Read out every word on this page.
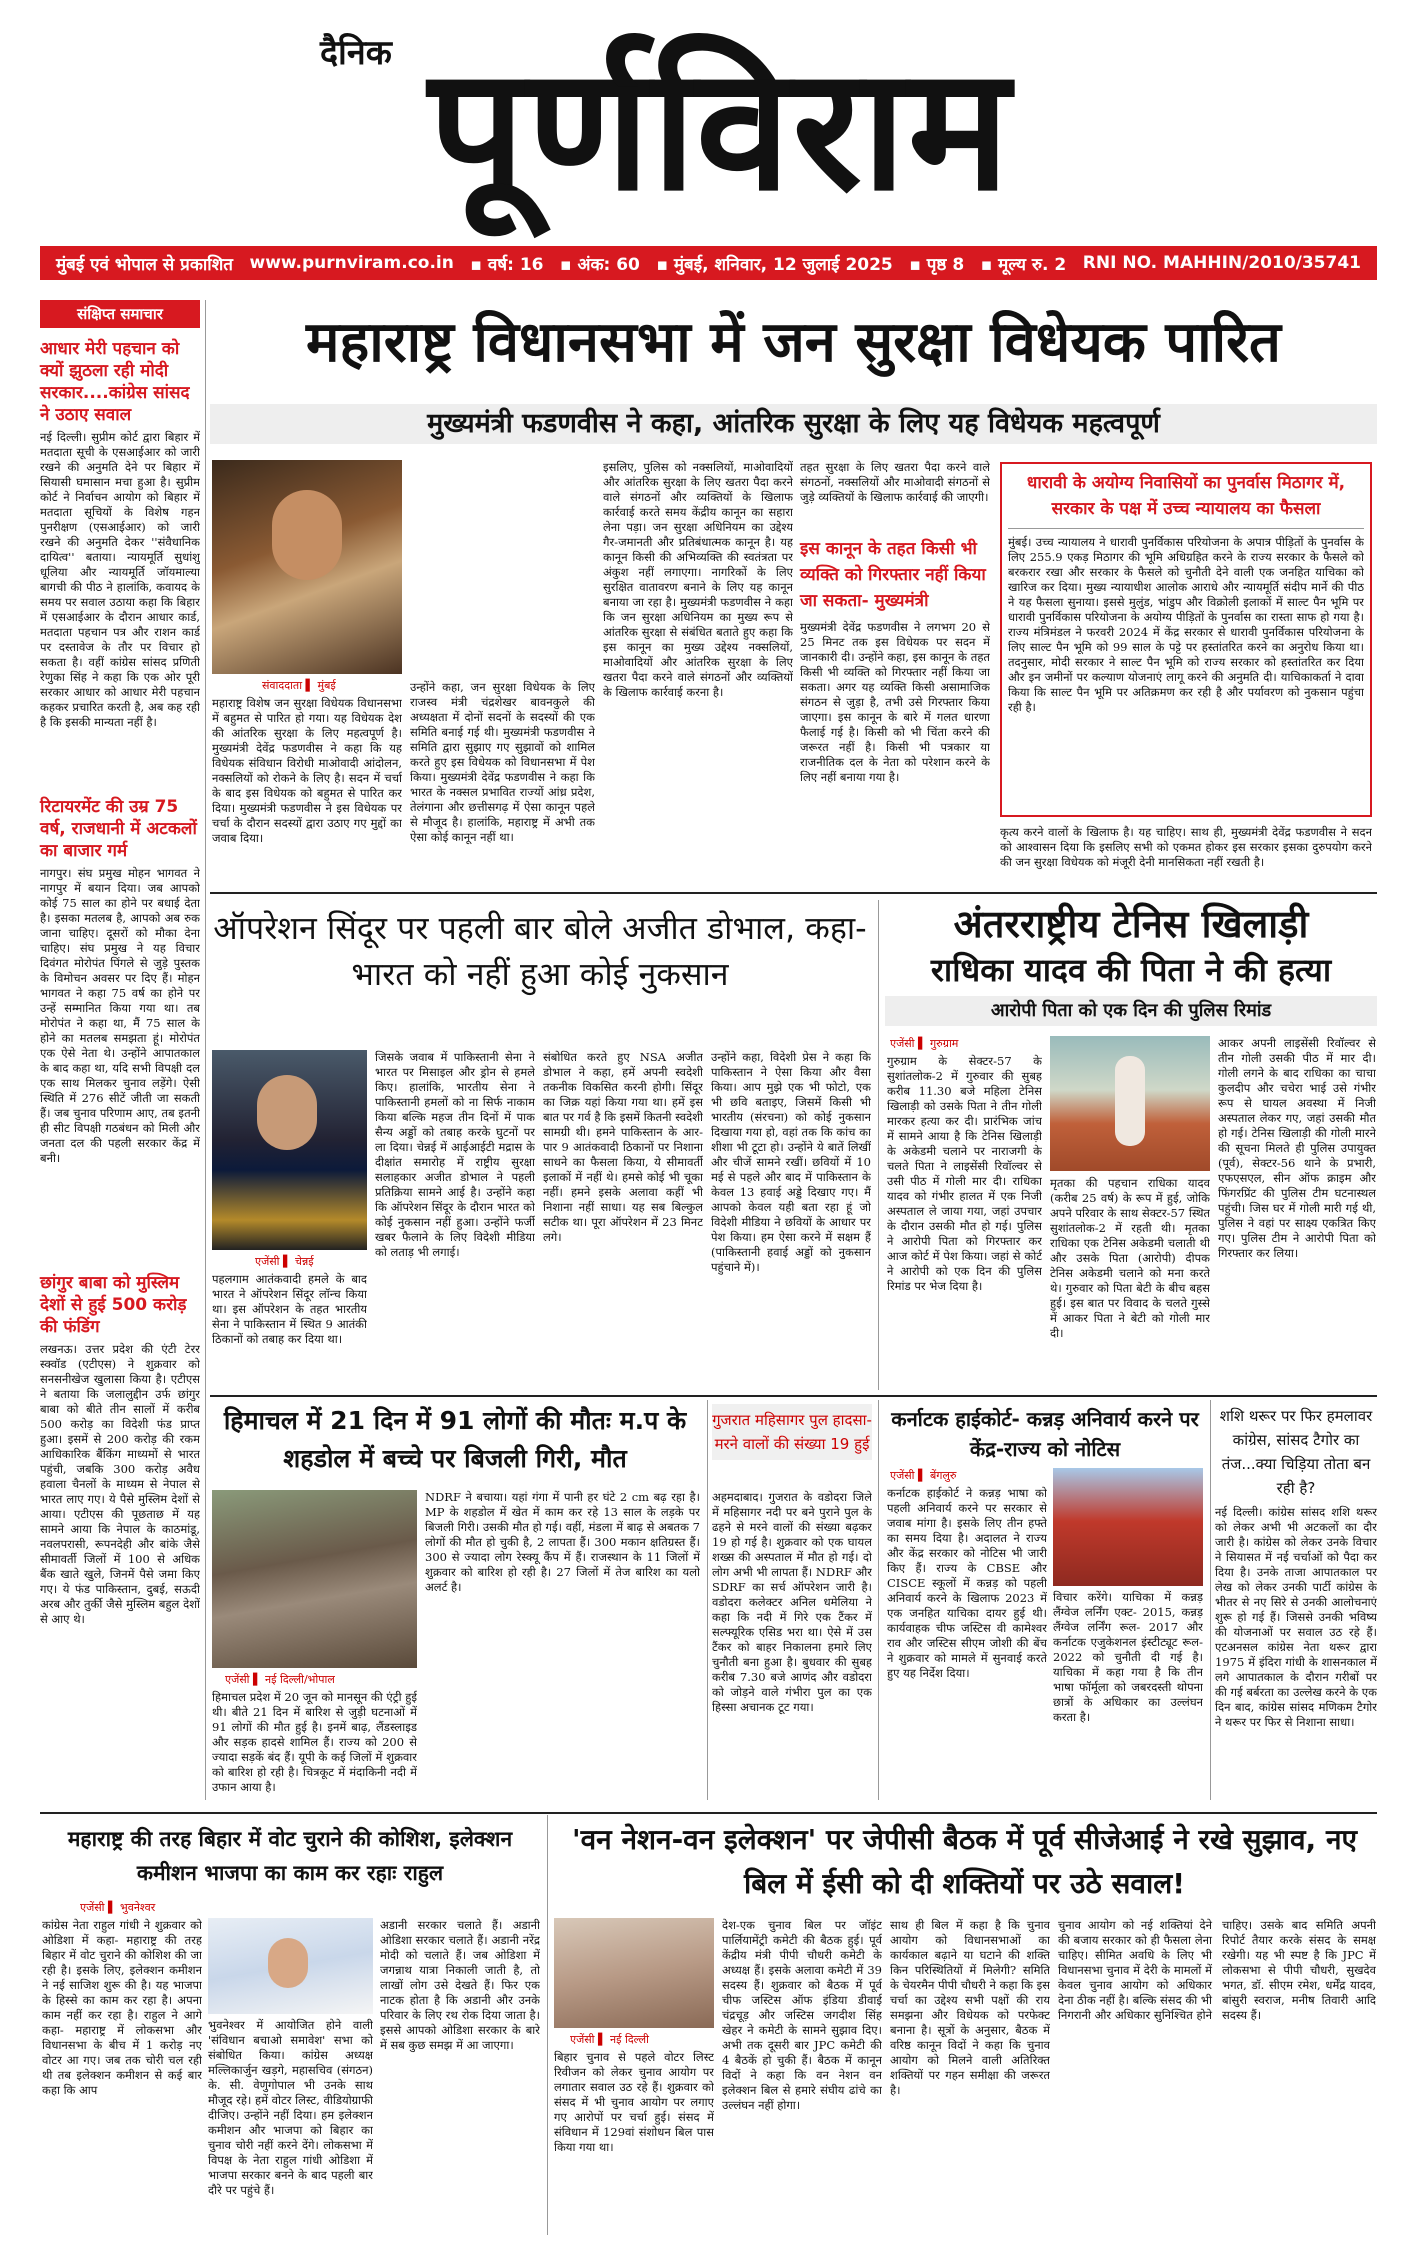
दैनिक पूर्णविराम
मुंबई एवं भोपाल से प्रकाशित www.purnviram.co.in ▪ वर्ष: 16 ▪ अंक: 60 ▪ मुंबई, शनिवार, 12 जुलाई 2025 ▪ पृष्ठ 8 ▪ मूल्य रु. 2 RNI NO. MAHHIN/2010/35741
संक्षिप्त समाचार
आधार मेरी पहचान को क्यों झुठला रही मोदी सरकार....कांग्रेस सांसद ने उठाए सवाल
नई दिल्ली। सुप्रीम कोर्ट द्वारा बिहार में मतदाता सूची के एसआईआर को जारी रखने की अनुमति देने पर बिहार में सियासी घमासान मचा हुआ है। सुप्रीम कोर्ट ने निर्वाचन आयोग को बिहार में मतदाता सूचियों के विशेष गहन पुनरीक्षण (एसआईआर) को जारी रखने की अनुमति देकर ''संवैधानिक दायित्व'' बताया। न्यायमूर्ति सुधांशु धूलिया और न्यायमूर्ति जॉयमाल्या बागची की पीठ ने हालांकि, कवायद के समय पर सवाल उठाया कहा कि बिहार में एसआईआर के दौरान आधार कार्ड, मतदाता पहचान पत्र और राशन कार्ड पर दस्तावेज के तौर पर विचार हो सकता है। वहीं कांग्रेस सांसद प्रणिती रेणुका सिंह ने कहा कि एक ओर पूरी सरकार आधार को आधार मेरी पहचान कहकर प्रचारित करती है, अब कह रही है कि इसकी मान्यता नहीं है।
रिटायरमेंट की उम्र 75 वर्ष, राजधानी में अटकलों का बाजार गर्म
नागपुर। संघ प्रमुख मोहन भागवत ने नागपुर में बयान दिया। जब आपको कोई 75 साल का होने पर बधाई देता है। इसका मतलब है, आपको अब रुक जाना चाहिए। दूसरों को मौका देना चाहिए। संघ प्रमुख ने यह विचार दिवंगत मोरोपंत पिंगले से जुड़े पुस्तक के विमोचन अवसर पर दिए हैं। मोहन भागवत ने कहा 75 वर्ष का होने पर उन्हें सम्मानित किया गया था। तब मोरोपंत ने कहा था, मैं 75 साल के होने का मतलब समझता हूं। मोरोपंत एक ऐसे नेता थे। उन्होंने आपातकाल के बाद कहा था, यदि सभी विपक्षी दल एक साथ मिलकर चुनाव लड़ेंगे। ऐसी स्थिति में 276 सीटें जीती जा सकती हैं। जब चुनाव परिणाम आए, तब इतनी ही सीट विपक्षी गठबंधन को मिली और जनता दल की पहली सरकार केंद्र में बनी।
छांगुर बाबा को मुस्लिम देशों से हुई 500 करोड़ की फंडिंग
लखनऊ। उत्तर प्रदेश की एंटी टेरर स्क्वॉड (एटीएस) ने शुक्रवार को सनसनीखेज खुलासा किया है। एटीएस ने बताया कि जलालुद्दीन उर्फ छांगुर बाबा को बीते तीन सालों में करीब 500 करोड़ का विदेशी फंड प्राप्त हुआ। इसमें से 200 करोड़ की रकम आधिकारिक बैंकिंग माध्यमों से भारत पहुंची, जबकि 300 करोड़ अवैध हवाला चैनलों के माध्यम से नेपाल से भारत लाए गए। ये पैसे मुस्लिम देशों से आया। एटीएस की पूछताछ में यह सामने आया कि नेपाल के काठमांडू, नवलपरासी, रूपनदेही और बांके जैसे सीमावर्ती जिलों में 100 से अधिक बैंक खाते खुले, जिनमें पैसे जमा किए गए। ये फंड पाकिस्तान, दुबई, सऊदी अरब और तुर्की जैसे मुस्लिम बहुल देशों से आए थे।
महाराष्ट्र विधानसभा में जन सुरक्षा विधेयक पारित
मुख्यमंत्री फडणवीस ने कहा, आंतरिक सुरक्षा के लिए यह विधेयक महत्वपूर्ण
संवाददाता ▌ मुंबई
महाराष्ट्र विशेष जन सुरक्षा विधेयक विधानसभा में बहुमत से पारित हो गया। यह विधेयक देश की आंतरिक सुरक्षा के लिए महत्वपूर्ण है। मुख्यमंत्री देवेंद्र फडणवीस ने कहा कि यह विधेयक संविधान विरोधी माओवादी आंदोलन, नक्सलियों को रोकने के लिए है। सदन में चर्चा के बाद इस विधेयक को बहुमत से पारित कर दिया। मुख्यमंत्री फडणवीस ने इस विधेयक पर चर्चा के दौरान सदस्यों द्वारा उठाए गए मुद्दों का जवाब दिया।
उन्होंने कहा, जन सुरक्षा विधेयक के लिए राजस्व मंत्री चंद्रशेखर बावनकुले की अध्यक्षता में दोनों सदनों के सदस्यों की एक समिति बनाई गई थी। मुख्यमंत्री फडणवीस ने समिति द्वारा सुझाए गए सुझावों को शामिल करते हुए इस विधेयक को विधानसभा में पेश किया। मुख्यमंत्री देवेंद्र फडणवीस ने कहा कि भारत के नक्सल प्रभावित राज्यों आंध्र प्रदेश, तेलंगाना और छत्तीसगढ़ में ऐसा कानून पहले से मौजूद है। हालांकि, महाराष्ट्र में अभी तक ऐसा कोई कानून नहीं था।
इसलिए, पुलिस को नक्सलियों, माओवादियों और आंतरिक सुरक्षा के लिए खतरा पैदा करने वाले संगठनों और व्यक्तियों के खिलाफ कार्रवाई करते समय केंद्रीय कानून का सहारा लेना पड़ा। जन सुरक्षा अधिनियम का उद्देश्य गैर-जमानती और प्रतिबंधात्मक कानून है। यह कानून किसी की अभिव्यक्ति की स्वतंत्रता पर अंकुश नहीं लगाएगा। नागरिकों के लिए सुरक्षित वातावरण बनाने के लिए यह कानून बनाया जा रहा है। मुख्यमंत्री फडणवीस ने कहा कि जन सुरक्षा अधिनियम का मुख्य रूप से आंतरिक सुरक्षा से संबंधित बताते हुए कहा कि इस कानून का मुख्य उद्देश्य नक्सलियों, माओवादियों और आंतरिक सुरक्षा के लिए खतरा पैदा करने वाले संगठनों और व्यक्तियों के खिलाफ कार्रवाई करना है।
तहत सुरक्षा के लिए खतरा पैदा करने वाले संगठनों, नक्सलियों और माओवादी संगठनों से जुड़े व्यक्तियों के खिलाफ कार्रवाई की जाएगी।
इस कानून के तहत किसी भी व्यक्ति को गिरफ्तार नहीं किया जा सकता- मुख्यमंत्री
मुख्यमंत्री देवेंद्र फडणवीस ने लगभग 20 से 25 मिनट तक इस विधेयक पर सदन में जानकारी दी। उन्होंने कहा, इस कानून के तहत किसी भी व्यक्ति को गिरफ्तार नहीं किया जा सकता। अगर यह व्यक्ति किसी असामाजिक संगठन से जुड़ा है, तभी उसे गिरफ्तार किया जाएगा। इस कानून के बारे में गलत धारणा फैलाई गई है। किसी को भी चिंता करने की जरूरत नहीं है। किसी भी पत्रकार या राजनीतिक दल के नेता को परेशान करने के लिए नहीं बनाया गया है।
धारावी के अयोग्य निवासियों का पुनर्वास मिठागर में, सरकार के पक्ष में उच्च न्यायालय का फैसला
मुंबई। उच्च न्यायालय ने धारावी पुनर्विकास परियोजना के अपात्र पीड़ितों के पुनर्वास के लिए 255.9 एकड़ मिठागर की भूमि अधिग्रहित करने के राज्य सरकार के फैसले को बरकरार रखा और सरकार के फैसले को चुनौती देने वाली एक जनहित याचिका को खारिज कर दिया। मुख्य न्यायाधीश आलोक आराधे और न्यायमूर्ति संदीप मार्ने की पीठ ने यह फैसला सुनाया। इससे मुलुंड, भांडुप और विक्रोली इलाकों में साल्ट पैन भूमि पर धारावी पुनर्विकास परियोजना के अयोग्य पीड़ितों के पुनर्वास का रास्ता साफ हो गया है। राज्य मंत्रिमंडल ने फरवरी 2024 में केंद्र सरकार से धारावी पुनर्विकास परियोजना के लिए साल्ट पैन भूमि को 99 साल के पट्टे पर हस्तांतरित करने का अनुरोध किया था। तदनुसार, मोदी सरकार ने साल्ट पैन भूमि को राज्य सरकार को हस्तांतरित कर दिया और इन जमीनों पर कल्याण योजनाएं लागू करने की अनुमति दी। याचिकाकर्ता ने दावा किया कि साल्ट पैन भूमि पर अतिक्रमण कर रही है और पर्यावरण को नुकसान पहुंचा रही है।
कृत्य करने वालों के खिलाफ है। यह चाहिए। साथ ही, मुख्यमंत्री देवेंद्र फडणवीस ने सदन को आश्वासन दिया कि इसलिए सभी को एकमत होकर इस सरकार इसका दुरुपयोग करने की जन सुरक्षा विधेयक को मंजूरी देनी मानसिकता नहीं रखती है।
ऑपरेशन सिंदूर पर पहली बार बोले अजीत डोभाल, कहा- भारत को नहीं हुआ कोई नुकसान
एजेंसी ▌ चेन्नई
पहलगाम आतंकवादी हमले के बाद भारत ने ऑपरेशन सिंदूर लॉन्च किया था। इस ऑपरेशन के तहत भारतीय सेना ने पाकिस्तान में स्थित 9 आतंकी ठिकानों को तबाह कर दिया था।
जिसके जवाब में पाकिस्तानी सेना ने भारत पर मिसाइल और ड्रोन से हमले किए। हालांकि, भारतीय सेना ने पाकिस्तानी हमलों को ना सिर्फ नाकाम किया बल्कि महज तीन दिनों में पाक सैन्य अड्डों को तबाह करके घुटनों पर ला दिया। चेन्नई में आईआईटी मद्रास के दीक्षांत समारोह में राष्ट्रीय सुरक्षा सलाहकार अजीत डोभाल ने पहली प्रतिक्रिया सामने आई है। उन्होंने कहा कि ऑपरेशन सिंदूर के दौरान भारत को कोई नुकसान नहीं हुआ। उन्होंने फर्जी खबर फैलाने के लिए विदेशी मीडिया को लताड़ भी लगाई।
संबोधित करते हुए NSA अजीत डोभाल ने कहा, हमें अपनी स्वदेशी तकनीक विकसित करनी होगी। सिंदूर का जिक्र यहां किया गया था। हमें इस बात पर गर्व है कि इसमें कितनी स्वदेशी सामग्री थी। हमने पाकिस्तान के आर-पार 9 आतंकवादी ठिकानों पर निशाना साधने का फैसला किया, ये सीमावर्ती इलाकों में नहीं थे। हमसे कोई भी चूका नहीं। हमने इसके अलावा कहीं भी निशाना नहीं साधा। यह सब बिल्कुल सटीक था। पूरा ऑपरेशन में 23 मिनट लगे।
उन्होंने कहा, विदेशी प्रेस ने कहा कि पाकिस्तान ने ऐसा किया और वैसा किया। आप मुझे एक भी फोटो, एक भी छवि बताइए, जिसमें किसी भी भारतीय (संरचना) को कोई नुकसान दिखाया गया हो, वहां तक कि कांच का शीशा भी टूटा हो। उन्होंने ये बातें लिखीं और चीजें सामने रखीं। छवियों में 10 मई से पहले और बाद में पाकिस्तान के केवल 13 हवाई अड्डे दिखाए गए। मैं आपको केवल यही बता रहा हूं जो विदेशी मीडिया ने छवियों के आधार पर पेश किया। हम ऐसा करने में सक्षम हैं (पाकिस्तानी हवाई अड्डों को नुकसान पहुंचाने में)।
अंतरराष्ट्रीय टेनिस खिलाड़ी
राधिका यादव की पिता ने की हत्या
आरोपी पिता को एक दिन की पुलिस रिमांड
एजेंसी ▌ गुरुग्राम
गुरुग्राम के सेक्टर-57 के सुशांतलोक-2 में गुरुवार की सुबह करीब 11.30 बजे महिला टेनिस खिलाड़ी को उसके पिता ने तीन गोली मारकर हत्या कर दी। प्रारंभिक जांच में सामने आया है कि टेनिस खिलाड़ी के अकेडमी चलाने पर नाराजगी के चलते पिता ने लाइसेंसी रिवॉल्वर से उसी पीठ में गोली मार दी। राधिका यादव को गंभीर हालत में एक निजी अस्पताल ले जाया गया, जहां उपचार के दौरान उसकी मौत हो गई। पुलिस ने आरोपी पिता को गिरफ्तार कर आज कोर्ट में पेश किया। जहां से कोर्ट ने आरोपी को एक दिन की पुलिस रिमांड पर भेज दिया है।
मृतका की पहचान राधिका यादव (करीब 25 वर्ष) के रूप में हुई, जोकि अपने परिवार के साथ सेक्टर-57 स्थित सुशांतलोक-2 में रहती थी। मृतका राधिका एक टेनिस अकेडमी चलाती थी और उसके पिता (आरोपी) दीपक टेनिस अकेडमी चलाने को मना करते थे। गुरुवार को पिता बेटी के बीच बहस हुई। इस बात पर विवाद के चलते गुस्से में आकर पिता ने बेटी को गोली मार दी।
आकर अपनी लाइसेंसी रिवॉल्वर से तीन गोली उसकी पीठ में मार दी। गोली लगने के बाद राधिका का चाचा कुलदीप और चचेरा भाई उसे गंभीर रूप से घायल अवस्था में निजी अस्पताल लेकर गए, जहां उसकी मौत हो गई। टेनिस खिलाड़ी की गोली मारने की सूचना मिलते ही पुलिस उपायुक्त (पूर्व), सेक्टर-56 थाने के प्रभारी, एफएसएल, सीन ऑफ क्राइम और फिंगरप्रिंट की पुलिस टीम घटनास्थल पहुंची। जिस घर में गोली मारी गई थी, पुलिस ने वहां पर साक्ष्य एकत्रित किए गए। पुलिस टीम ने आरोपी पिता को गिरफ्तार कर लिया।
हिमाचल में 21 दिन में 91 लोगों की मौतः म.प के शहडोल में बच्चे पर बिजली गिरी, मौत
एजेंसी ▌ नई दिल्ली/भोपाल
हिमाचल प्रदेश में 20 जून को मानसून की एंट्री हुई थी। बीते 21 दिन में बारिश से जुड़ी घटनाओं में 91 लोगों की मौत हुई है। इनमें बाढ़, लैंडस्लाइड और सड़क हादसे शामिल हैं। राज्य को 200 से ज्यादा सड़कें बंद हैं। यूपी के कई जिलों में शुक्रवार को बारिश हो रही है। चित्रकूट में मंदाकिनी नदी में उफान आया है।
NDRF ने बचाया। यहां गंगा में पानी हर घंटे 2 cm बढ़ रहा है। MP के शहडोल में खेत में काम कर रहे 13 साल के लड़के पर बिजली गिरी। उसकी मौत हो गई। वहीं, मंडला में बाढ़ से अबतक 7 लोगों की मौत हो चुकी है, 2 लापता हैं। 300 मकान क्षतिग्रस्त हैं। 300 से ज्यादा लोग रेस्क्यू कैंप में हैं। राजस्थान के 11 जिलों में शुक्रवार को बारिश हो रही है। 27 जिलों में तेज बारिश का यलो अलर्ट है।
गुजरात महिसागर पुल हादसा- मरने वालों की संख्या 19 हुई
अहमदाबाद। गुजरात के वडोदरा जिले में महिसागर नदी पर बने पुराने पुल के ढहने से मरने वालों की संख्या बढ़कर 19 हो गई है। शुक्रवार को एक घायल शख्स की अस्पताल में मौत हो गई। दो लोग अभी भी लापता हैं। NDRF और SDRF का सर्च ऑपरेशन जारी है। वडोदरा कलेक्टर अनिल धमेलिया ने कहा कि नदी में गिरे एक टैंकर में सल्फ्यूरिक एसिड भरा था। ऐसे में उस टैंकर को बाहर निकालना हमारे लिए चुनौती बना हुआ है। बुधवार की सुबह करीब 7.30 बजे आणंद और वडोदरा को जोड़ने वाले गंभीरा पुल का एक हिस्सा अचानक टूट गया।
कर्नाटक हाईकोर्ट- कन्नड़ अनिवार्य करने पर केंद्र-राज्य को नोटिस
एजेंसी ▌ बेंगलुरु
कर्नाटक हाईकोर्ट ने कन्नड़ भाषा को पहली अनिवार्य करने पर सरकार से जवाब मांगा है। इसके लिए तीन हफ्ते का समय दिया है। अदालत ने राज्य और केंद्र सरकार को नोटिस भी जारी किए हैं। राज्य के CBSE और CISCE स्कूलों में कन्नड़ को पहली अनिवार्य करने के खिलाफ 2023 में एक जनहित याचिका दायर हुई थी। कार्यवाहक चीफ जस्टिस वी कामेश्वर राव और जस्टिस सीएम जोशी की बेंच ने शुक्रवार को मामले में सुनवाई करते हुए यह निर्देश दिया।
विचार करेंगे। याचिका में कन्नड़ लैंग्वेज लर्निंग एक्ट- 2015, कन्नड़ लैंग्वेज लर्निंग रूल- 2017 और कर्नाटक एजुकेशनल इंस्टीट्यूट रूल- 2022 को चुनौती दी गई है। याचिका में कहा गया है कि तीन भाषा फॉर्मूला को जबरदस्ती थोपना छात्रों के अधिकार का उल्लंघन करता है।
शशि थरूर पर फिर हमलावर कांग्रेस, सांसद टैगोर का तंज...क्या चिड़िया तोता बन रही है?
नई दिल्ली। कांग्रेस सांसद शशि थरूर को लेकर अभी भी अटकलों का दौर जारी है। कांग्रेस को लेकर उनके विचार ने सियासत में नई चर्चाओं को पैदा कर दिया है। उनके ताजा आपातकाल पर लेख को लेकर उनकी पार्टी कांग्रेस के भीतर से नए सिरे से उनकी आलोचनाएं शुरू हो गई हैं। जिससे उनकी भविष्य की योजनाओं पर सवाल उठ रहे हैं। एटअनसल कांग्रेस नेता थरूर द्वारा 1975 में इंदिरा गांधी के शासनकाल में लगे आपातकाल के दौरान गरीबों पर की गई बर्बरता का उल्लेख करने के एक दिन बाद, कांग्रेस सांसद मणिकम टैगोर ने थरूर पर फिर से निशाना साधा।
महाराष्ट्र की तरह बिहार में वोट चुराने की कोशिश, इलेक्शन कमीशन भाजपा का काम कर रहाः राहुल
एजेंसी ▌ भुवनेश्वर
कांग्रेस नेता राहुल गांधी ने शुक्रवार को ओडिशा में कहा- महाराष्ट्र की तरह बिहार में वोट चुराने की कोशिश की जा रही है। इसके लिए, इलेक्शन कमीशन ने नई साजिश शुरू की है। यह भाजपा के हिस्से का काम कर रहा है। अपना काम नहीं कर रहा है। राहुल ने आगे कहा- महाराष्ट्र में लोकसभा और विधानसभा के बीच में 1 करोड़ नए वोटर आ गए। जब तक चोरी चल रही थी तब इलेक्शन कमीशन से कई बार कहा कि आप
भुवनेश्वर में आयोजित होने वाली 'संविधान बचाओ समावेश' सभा को संबोधित किया। कांग्रेस अध्यक्ष मल्लिकार्जुन खड़गे, महासचिव (संगठन) के. सी. वेणुगोपाल भी उनके साथ मौजूद रहे। हमें वोटर लिस्ट, वीडियोग्राफी दीजिए। उन्होंने नहीं दिया। हम इलेक्शन कमीशन और भाजपा को बिहार का चुनाव चोरी नहीं करने देंगे। लोकसभा में विपक्ष के नेता राहुल गांधी ओडिशा में भाजपा सरकार बनने के बाद पहली बार दौरे पर पहुंचे हैं।
अडानी सरकार चलाते हैं। अडानी ओडिशा सरकार चलाते हैं। अडानी नरेंद्र मोदी को चलाते हैं। जब ओडिशा में जगन्नाथ यात्रा निकाली जाती है, तो लाखों लोग उसे देखते हैं। फिर एक नाटक होता है कि अडानी और उनके परिवार के लिए रथ रोक दिया जाता है। इससे आपको ओडिशा सरकार के बारे में सब कुछ समझ में आ जाएगा।
'वन नेशन-वन इलेक्शन' पर जेपीसी बैठक में पूर्व सीजेआई ने रखे सुझाव, नए बिल में ईसी को दी शक्तियों पर उठे सवाल!
एजेंसी ▌ नई दिल्ली
देश-एक चुनाव बिल पर जॉइंट पार्लियामेंट्री कमेटी की बैठक हुई। पूर्व केंद्रीय मंत्री पीपी चौधरी कमेटी के अध्यक्ष हैं। इसके अलावा कमेटी में 39 सदस्य हैं। शुक्रवार को बैठक में पूर्व चीफ जस्टिस ऑफ इंडिया डीवाई चंद्रचूड़ और जस्टिस जगदीश सिंह खेहर ने कमेटी के सामने सुझाव दिए। अभी तक दूसरी बार JPC कमेटी की 4 बैठकें हो चुकी हैं। बैठक में कानून विदों ने कहा कि वन नेशन वन इलेक्शन बिल से हमारे संघीय ढांचे का उल्लंघन नहीं होगा।
बिहार चुनाव से पहले वोटर लिस्ट रिवीजन को लेकर चुनाव आयोग पर लगातार सवाल उठ रहे हैं। शुक्रवार को संसद में भी चुनाव आयोग पर लगाए गए आरोपों पर चर्चा हुई। संसद में संविधान में 129वां संशोधन बिल पास किया गया था।
साथ ही बिल में कहा है कि चुनाव आयोग को विधानसभाओं का कार्यकाल बढ़ाने या घटाने की शक्ति किन परिस्थितियों में मिलेगी? समिति के चेयरमैन पीपी चौधरी ने कहा कि इस चर्चा का उद्देश्य सभी पक्षों की राय समझना और विधेयक को परफेक्ट बनाना है। सूत्रों के अनुसार, बैठक में वरिष्ठ कानून विदों ने कहा कि चुनाव आयोग को मिलने वाली अतिरिक्त शक्तियों पर गहन समीक्षा की जरूरत है।
चुनाव आयोग को नई शक्तियां देने की बजाय सरकार को ही फैसला लेना चाहिए। सीमित अवधि के लिए भी विधानसभा चुनाव में देरी के मामलों में केवल चुनाव आयोग को अधिकार देना ठीक नहीं है। बल्कि संसद की भी निगरानी और अधिकार सुनिश्चित होने चाहिए। उसके बाद समिति अपनी रिपोर्ट तैयार करके संसद के समक्ष रखेगी। यह भी स्पष्ट है कि JPC में लोकसभा से पीपी चौधरी, सुखदेव भगत, डॉ. सीएम रमेश, धर्मेंद्र यादव, बांसुरी स्वराज, मनीष तिवारी आदि सदस्य हैं।
